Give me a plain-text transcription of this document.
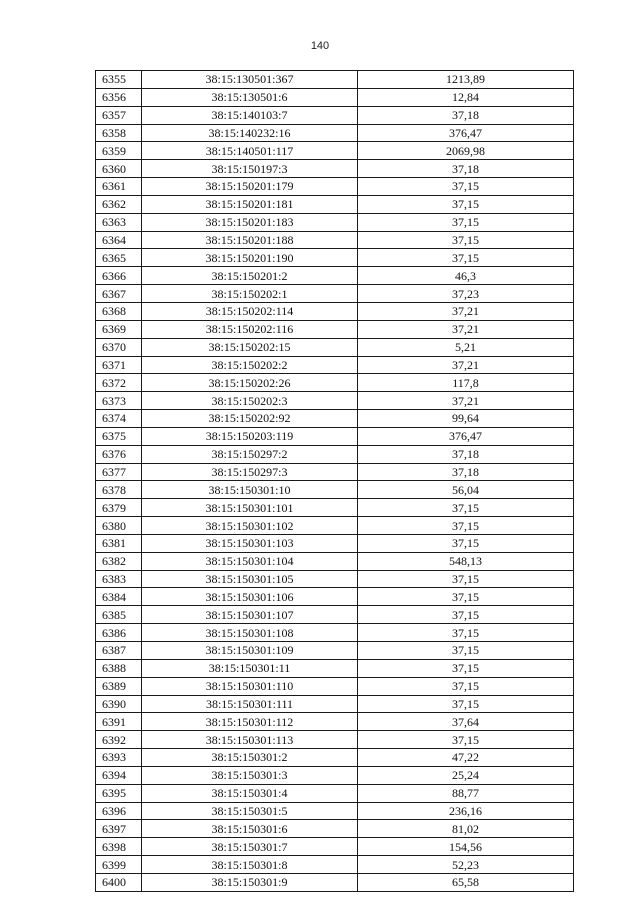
140
6355	38:15:130501:367	1213,89
6356	38:15:130501:6	12,84
6357	38:15:140103:7	37,18
6358	38:15:140232:16	376,47
6359	38:15:140501:117	2069,98
6360	38:15:150197:3	37,18
6361	38:15:150201:179	37,15
6362	38:15:150201:181	37,15
6363	38:15:150201:183	37,15
6364	38:15:150201:188	37,15
6365	38:15:150201:190	37,15
6366	38:15:150201:2	46,3
6367	38:15:150202:1	37,23
6368	38:15:150202:114	37,21
6369	38:15:150202:116	37,21
6370	38:15:150202:15	5,21
6371	38:15:150202:2	37,21
6372	38:15:150202:26	117,8
6373	38:15:150202:3	37,21
6374	38:15:150202:92	99,64
6375	38:15:150203:119	376,47
6376	38:15:150297:2	37,18
6377	38:15:150297:3	37,18
6378	38:15:150301:10	56,04
6379	38:15:150301:101	37,15
6380	38:15:150301:102	37,15
6381	38:15:150301:103	37,15
6382	38:15:150301:104	548,13
6383	38:15:150301:105	37,15
6384	38:15:150301:106	37,15
6385	38:15:150301:107	37,15
6386	38:15:150301:108	37,15
6387	38:15:150301:109	37,15
6388	38:15:150301:11	37,15
6389	38:15:150301:110	37,15
6390	38:15:150301:111	37,15
6391	38:15:150301:112	37,64
6392	38:15:150301:113	37,15
6393	38:15:150301:2	47,22
6394	38:15:150301:3	25,24
6395	38:15:150301:4	88,77
6396	38:15:150301:5	236,16
6397	38:15:150301:6	81,02
6398	38:15:150301:7	154,56
6399	38:15:150301:8	52,23
6400	38:15:150301:9	65,58
